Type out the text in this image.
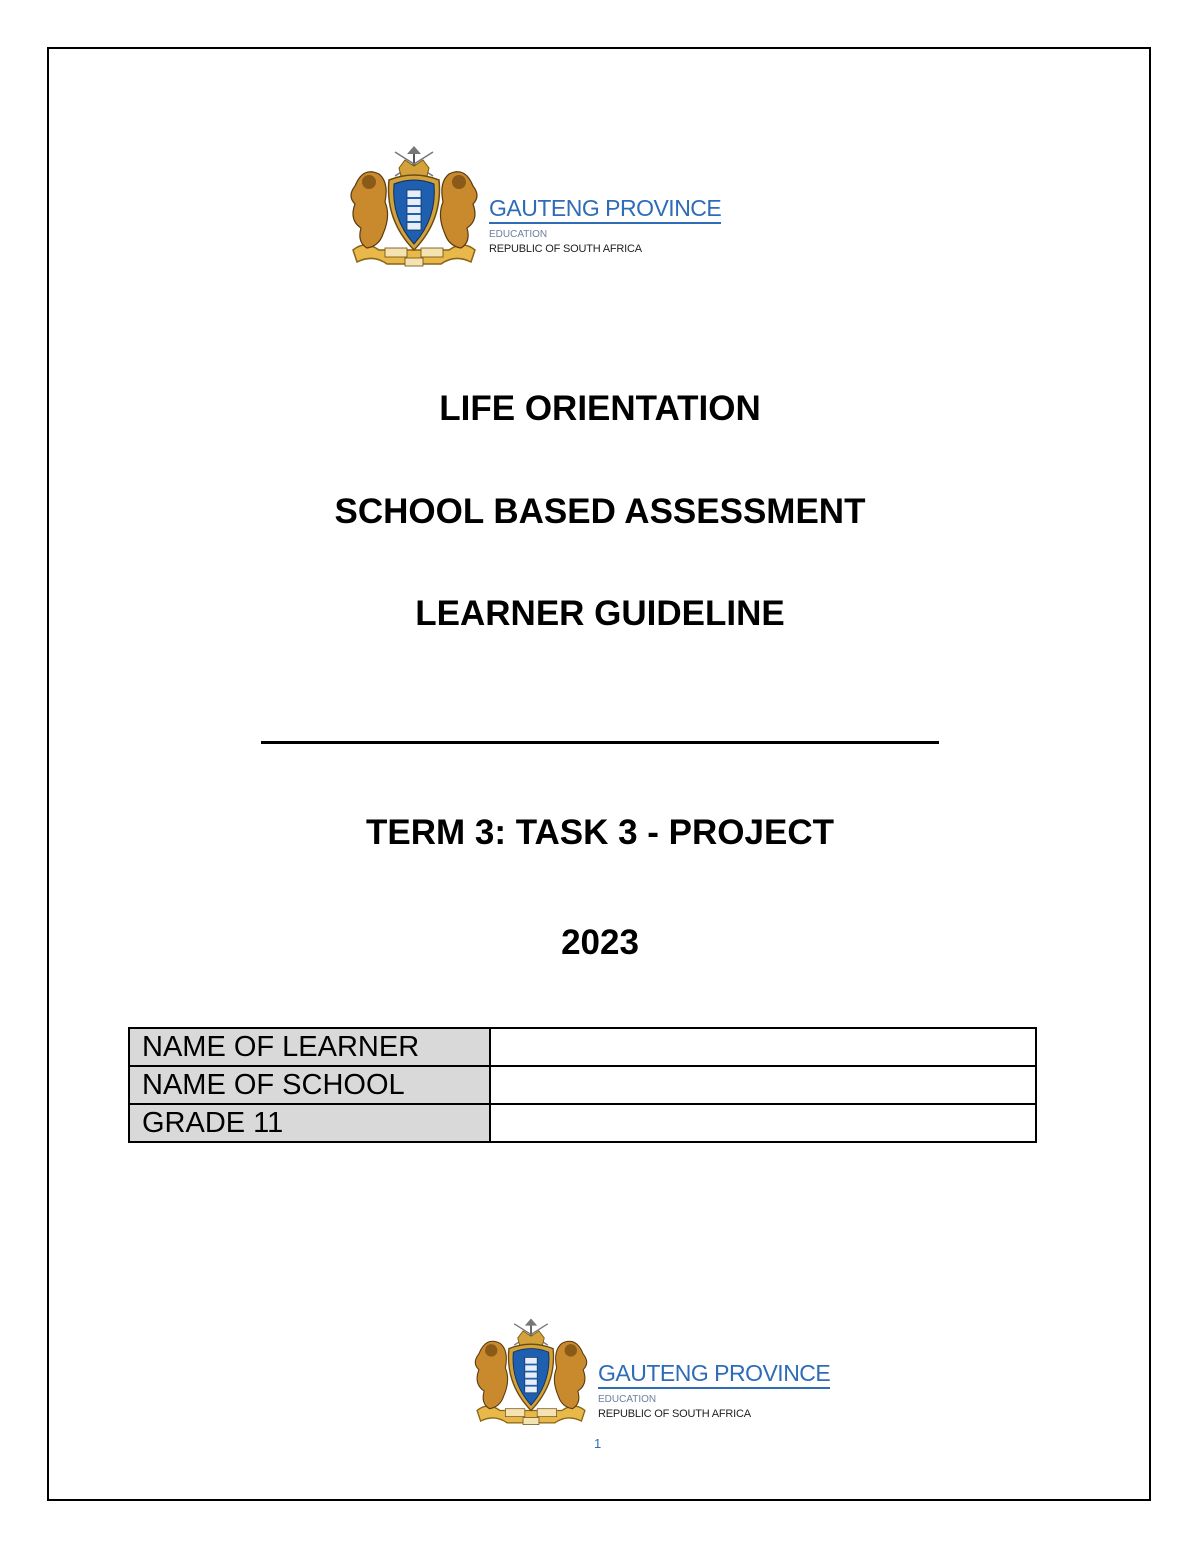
GAUTENG PROVINCE
EDUCATION
REPUBLIC OF SOUTH AFRICA
LIFE ORIENTATION
SCHOOL BASED ASSESSMENT
LEARNER GUIDELINE
TERM 3: TASK 3 - PROJECT
2023
NAME OF LEARNER	
NAME OF SCHOOL	
GRADE 11	
GAUTENG PROVINCE
EDUCATION
REPUBLIC OF SOUTH AFRICA
1
